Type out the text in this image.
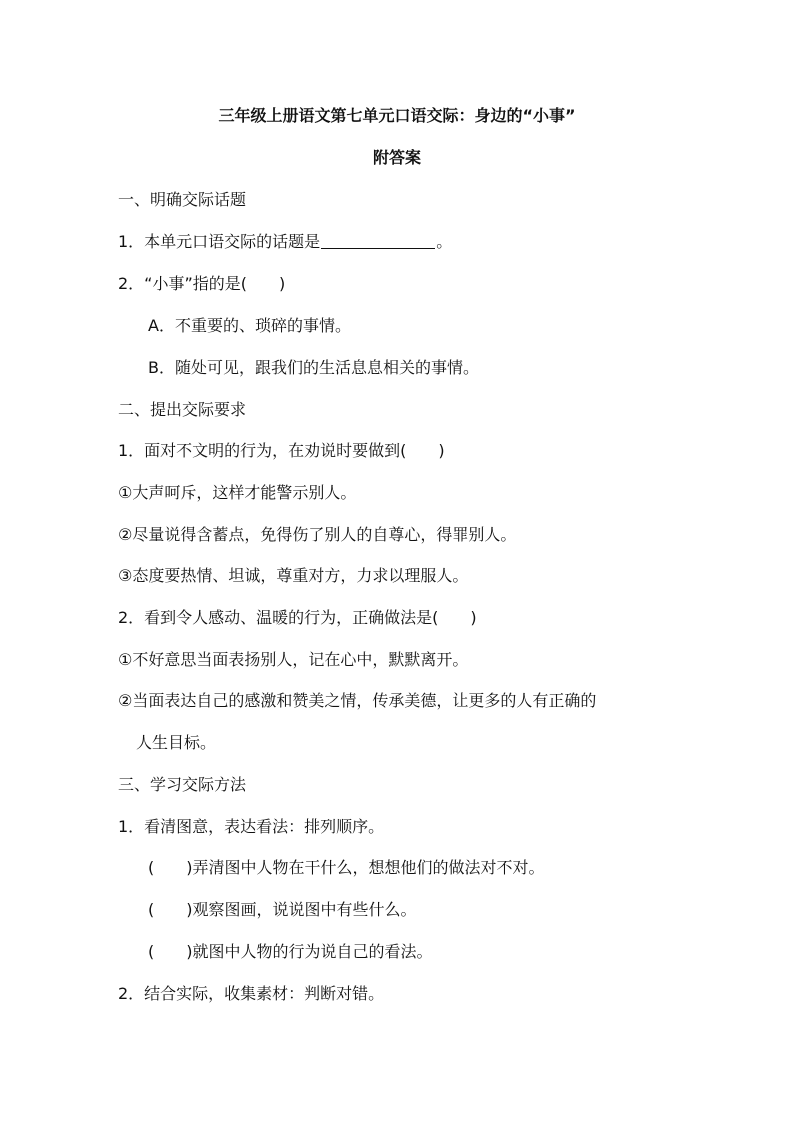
三年级上册语文第七单元口语交际：身边的“小事”
附答案
一、明确交际话题
1．本单元口语交际的话题是	。
2．“小事”指的是(　　)
A．不重要的、琐碎的事情。
B．随处可见，跟我们的生活息息相关的事情。
二、提出交际要求
1．面对不文明的行为，在劝说时要做到(　　)
①大声呵斥，这样才能警示别人。
②尽量说得含蓄点，免得伤了别人的自尊心，得罪别人。
③态度要热情、坦诚，尊重对方，力求以理服人。
2．看到令人感动、温暖的行为，正确做法是(　　)
①不好意思当面表扬别人，记在心中，默默离开。
②当面表达自己的感激和赞美之情，传承美德，让更多的人有正确的
人生目标。
三、学习交际方法
1．看清图意，表达看法：排列顺序。
(　　)弄清图中人物在干什么，想想他们的做法对不对。
(　　)观察图画，说说图中有些什么。
(　　)就图中人物的行为说自己的看法。
2．结合实际，收集素材：判断对错。
